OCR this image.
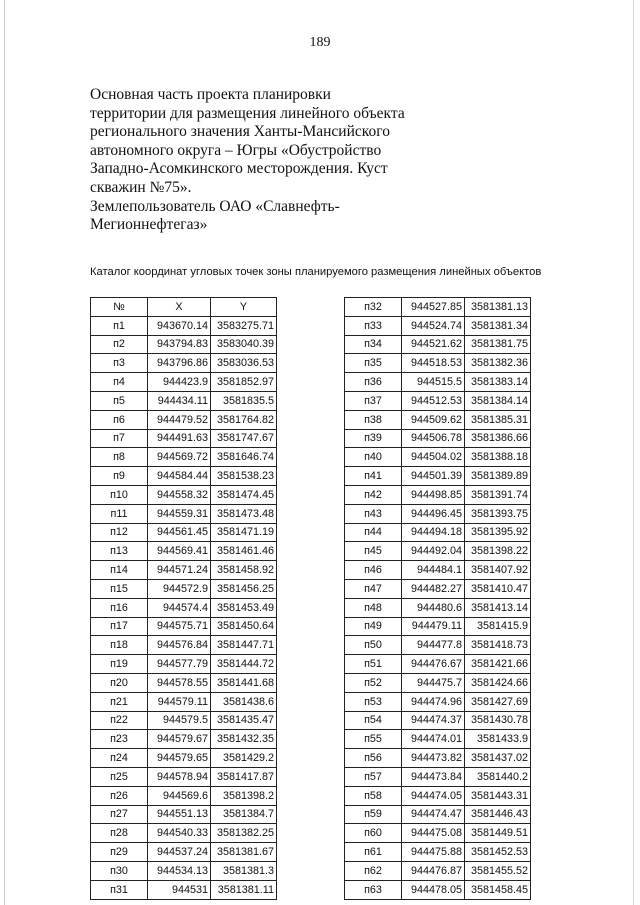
189
Основная часть проекта планировки
территории для размещения линейного объекта
регионального значения Ханты-Мансийского
автономного округа – Югры «Обустройство
Западно-Асомкинского месторождения. Куст
скважин №75».
Землепользователь ОАО «Славнефть-
Мегионнефтегаз»
Каталог координат угловых точек зоны планируемого размещения линейных объектов
№	X	Y
п1	943670.14	3583275.71
п2	943794.83	3583040.39
п3	943796.86	3583036.53
п4	944423.9	3581852.97
п5	944434.11	3581835.5
п6	944479.52	3581764.82
п7	944491.63	3581747.67
п8	944569.72	3581646.74
п9	944584.44	3581538.23
п10	944558.32	3581474.45
п11	944559.31	3581473.48
п12	944561.45	3581471.19
п13	944569.41	3581461.46
п14	944571.24	3581458.92
п15	944572.9	3581456.25
п16	944574.4	3581453.49
п17	944575.71	3581450.64
п18	944576.84	3581447.71
п19	944577.79	3581444.72
п20	944578.55	3581441.68
п21	944579.11	3581438.6
п22	944579.5	3581435.47
п23	944579.67	3581432.35
п24	944579.65	3581429.2
п25	944578.94	3581417.87
п26	944569.6	3581398.2
п27	944551.13	3581384.7
п28	944540.33	3581382.25
п29	944537.24	3581381.67
п30	944534.13	3581381.3
п31	944531	3581381.11
п32	944527.85	3581381.13
п33	944524.74	3581381.34
п34	944521.62	3581381.75
п35	944518.53	3581382.36
п36	944515.5	3581383.14
п37	944512.53	3581384.14
п38	944509.62	3581385.31
п39	944506.78	3581386.66
п40	944504.02	3581388.18
п41	944501.39	3581389.89
п42	944498.85	3581391.74
п43	944496.45	3581393.75
п44	944494.18	3581395.92
п45	944492.04	3581398.22
п46	944484.1	3581407.92
п47	944482.27	3581410.47
п48	944480.6	3581413.14
п49	944479.11	3581415.9
п50	944477.8	3581418.73
п51	944476.67	3581421.66
п52	944475.7	3581424.66
п53	944474.96	3581427.69
п54	944474.37	3581430.78
п55	944474.01	3581433.9
п56	944473.82	3581437.02
п57	944473.84	3581440.2
п58	944474.05	3581443.31
п59	944474.47	3581446.43
п60	944475.08	3581449.51
п61	944475.88	3581452.53
п62	944476.87	3581455.52
п63	944478.05	3581458.45
